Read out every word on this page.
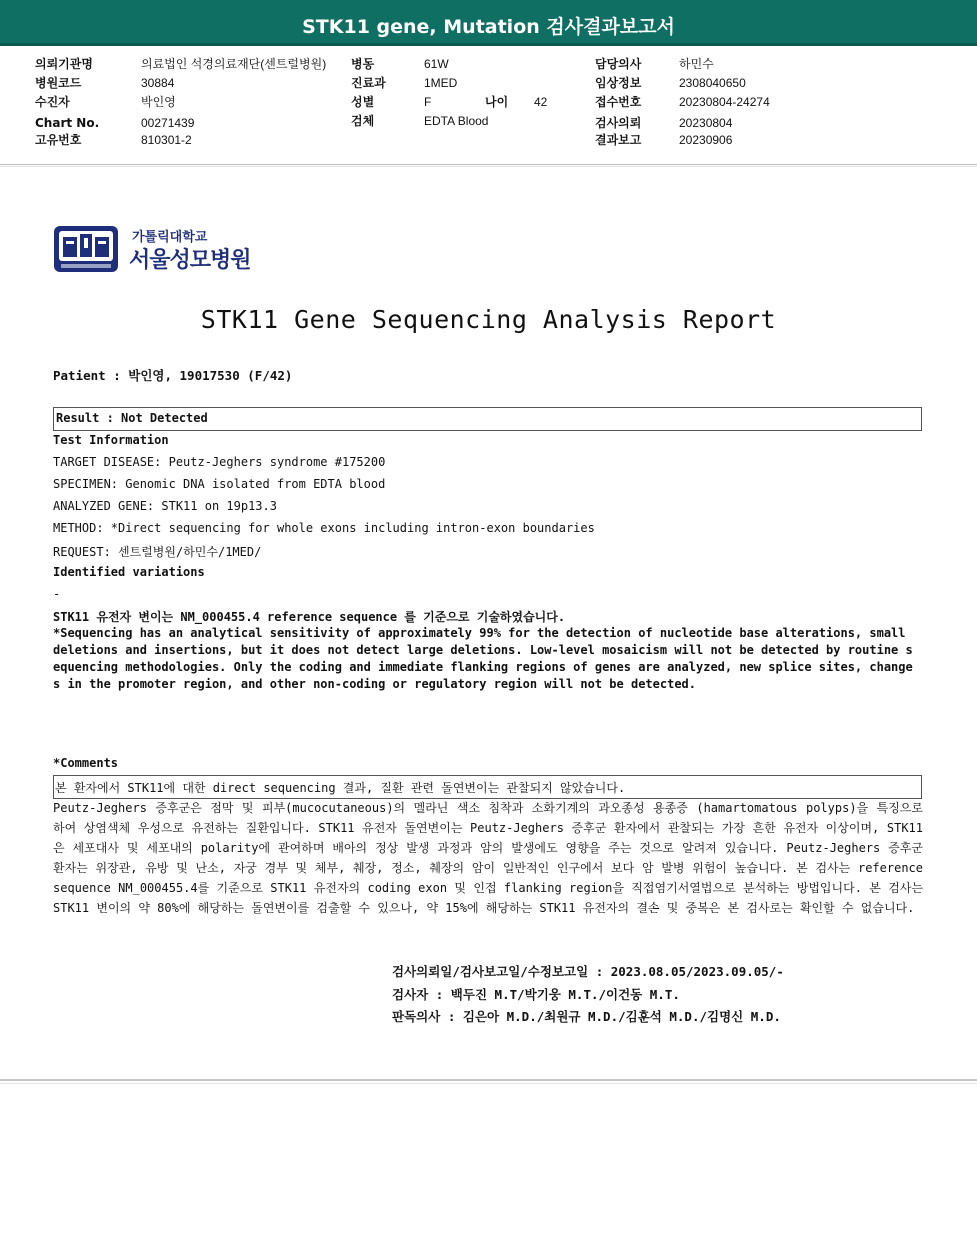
STK11 gene, Mutation 검사결과보고서
의뢰기관명	의료법인 석경의료재단(센트럴병원)
병원코드	30884
수진자	박인영
Chart No.	00271439
고유번호	810301-2
병동	61W
진료과	1MED
성별	F	나이 42
검체	EDTA Blood
담당의사	하민수
임상정보	2308040650
접수번호	20230804-24274
검사의뢰	20230804
결과보고	20230906
가톨릭대학교
서울성모병원
STK11 Gene Sequencing Analysis Report
Patient : 박인영, 19017530 (F/42)
Result : Not Detected
Test Information
TARGET DISEASE: Peutz-Jeghers syndrome #175200
SPECIMEN: Genomic DNA isolated from EDTA blood
ANALYZED GENE: STK11 on 19p13.3
METHOD: *Direct sequencing for whole exons including intron-exon boundaries
REQUEST: 센트럴병원/하민수/1MED/
Identified variations
-
STK11 유전자 변이는 NM_000455.4 reference sequence 를 기준으로 기술하였습니다.
*Sequencing has an analytical sensitivity of approximately 99% for the detection of nucleotide base alterations, small deletions and insertions, but it does not detect large deletions. Low-level mosaicism will not be detected by routine sequencing methodologies. Only the coding and immediate flanking regions of genes are analyzed, new splice sites, changes in the promoter region, and other non-coding or regulatory region will not be detected.
*Comments
본 환자에서 STK11에 대한 direct sequencing 결과, 질환 관련 돌연변이는 관찰되지 않았습니다.
Peutz-Jeghers 증후군은 점막 및 피부(mucocutaneous)의 멜라닌 색소 침착과 소화기계의 과오종성 용종증 (hamartomatous polyps)을 특징으로 하여 상염색체 우성으로 유전하는 질환입니다. STK11 유전자 돌연변이는 Peutz-Jeghers 증후군 환자에서 관찰되는 가장 흔한 유전자 이상이며, STK11은 세포대사 및 세포내의 polarity에 관여하며 배아의 정상 발생 과정과 암의 발생에도 영향을 주는 것으로 알려져 있습니다. Peutz-Jeghers 증후군 환자는 위장관, 유방 및 난소, 자궁 경부 및 체부, 췌장, 정소, 췌장의 암이 일반적인 인구에서 보다 암 발병 위험이 높습니다. 본 검사는 reference sequence NM_000455.4를 기준으로 STK11 유전자의 coding exon 및 인접 flanking region을 직접염기서열법으로 분석하는 방법입니다. 본 검사는 STK11 변이의 약 80%에 해당하는 돌연변이를 검출할 수 있으나, 약 15%에 해당하는 STK11 유전자의 결손 및 중복은 본 검사로는 확인할 수 없습니다.
검사의뢰일/검사보고일/수정보고일 : 2023.08.05/2023.09.05/-
검사자 : 백두진 M.T/박기웅 M.T./이건동 M.T.
판독의사 : 김은아 M.D./최원규 M.D./김훈석 M.D./김명신 M.D.
